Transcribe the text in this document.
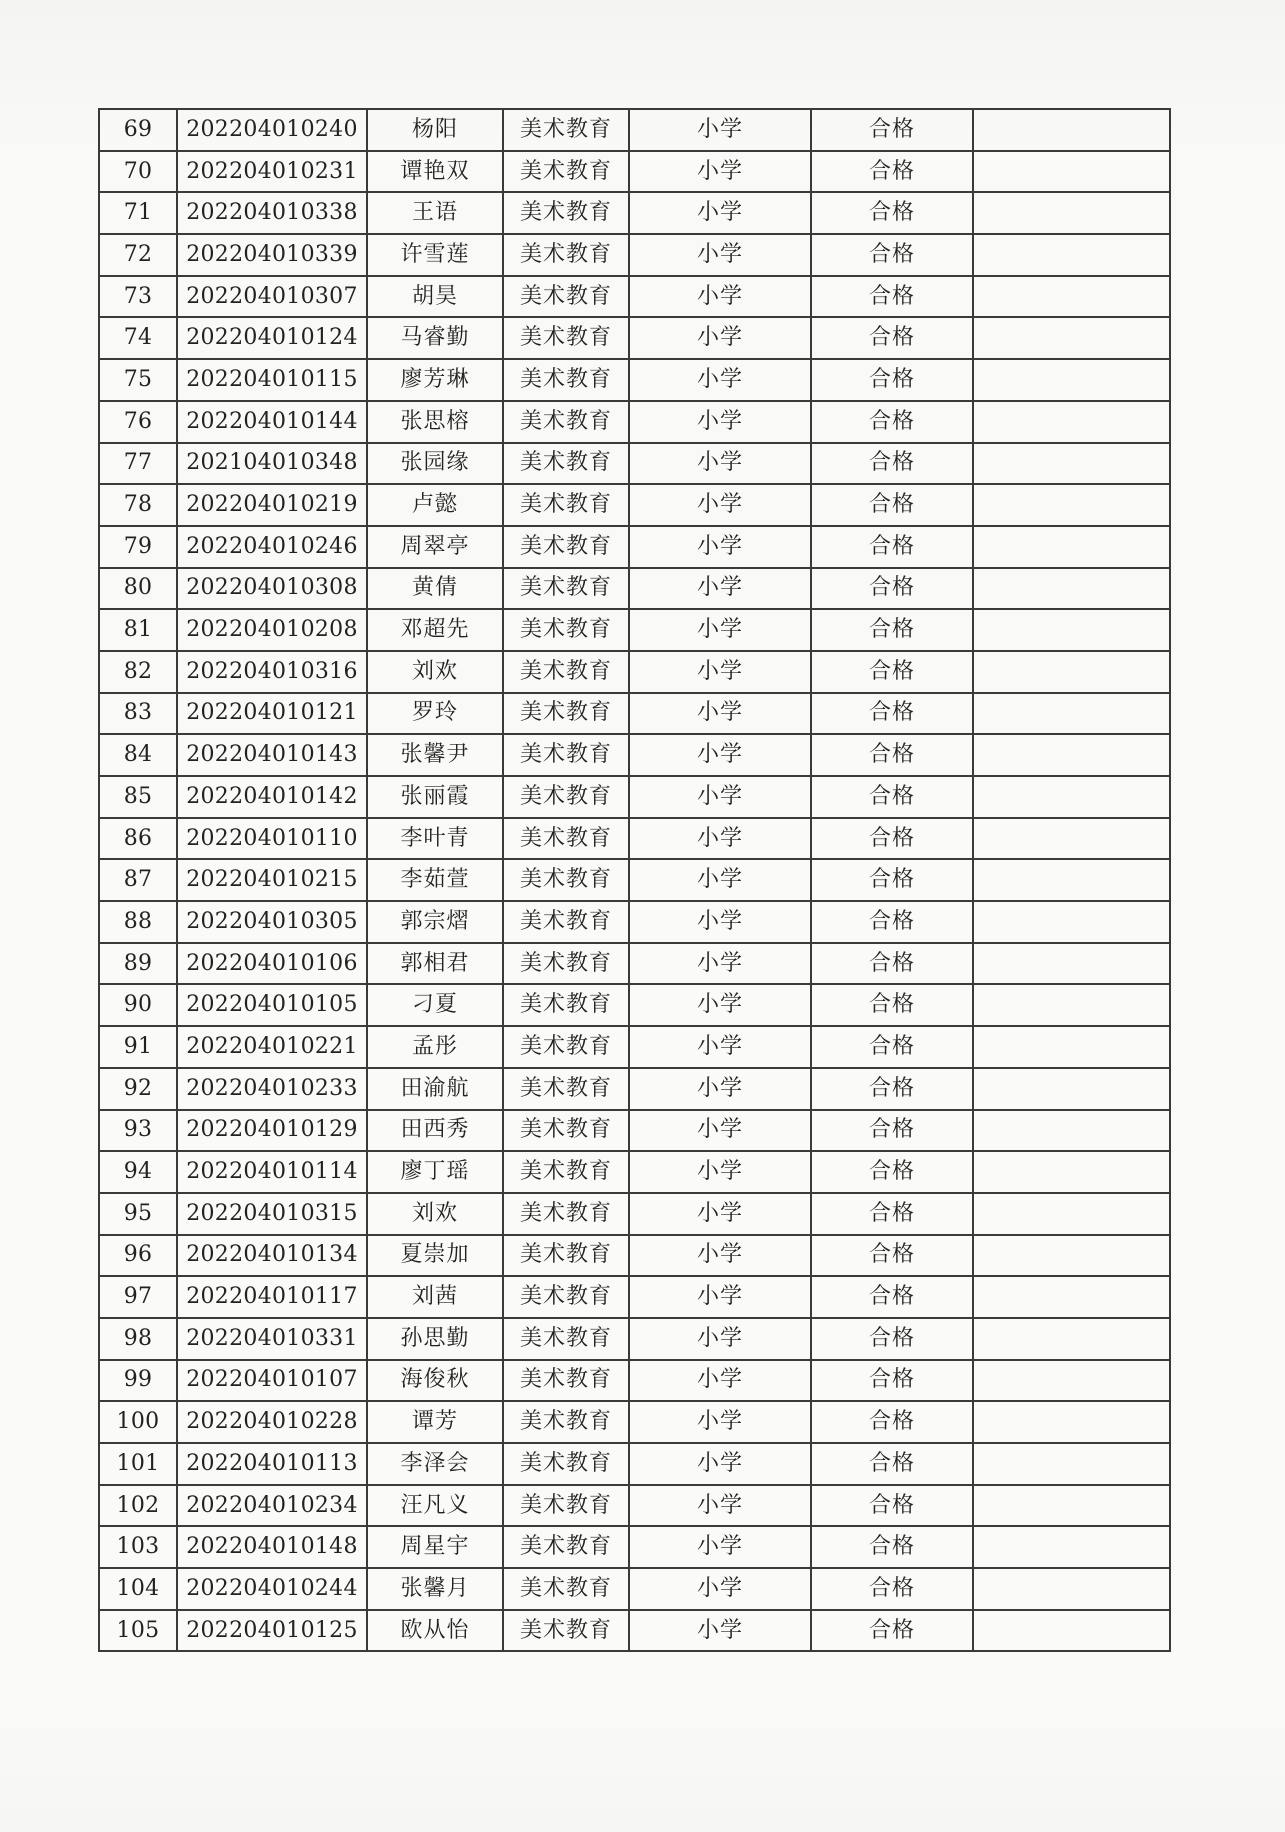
69	202204010240	杨阳	美术教育	小学	合格	
70	202204010231	谭艳双	美术教育	小学	合格	
71	202204010338	王语	美术教育	小学	合格	
72	202204010339	许雪莲	美术教育	小学	合格	
73	202204010307	胡昊	美术教育	小学	合格	
74	202204010124	马睿勤	美术教育	小学	合格	
75	202204010115	廖芳琳	美术教育	小学	合格	
76	202204010144	张思榕	美术教育	小学	合格	
77	202104010348	张园缘	美术教育	小学	合格	
78	202204010219	卢懿	美术教育	小学	合格	
79	202204010246	周翠亭	美术教育	小学	合格	
80	202204010308	黄倩	美术教育	小学	合格	
81	202204010208	邓超先	美术教育	小学	合格	
82	202204010316	刘欢	美术教育	小学	合格	
83	202204010121	罗玲	美术教育	小学	合格	
84	202204010143	张馨尹	美术教育	小学	合格	
85	202204010142	张丽霞	美术教育	小学	合格	
86	202204010110	李叶青	美术教育	小学	合格	
87	202204010215	李茹萱	美术教育	小学	合格	
88	202204010305	郭宗熠	美术教育	小学	合格	
89	202204010106	郭相君	美术教育	小学	合格	
90	202204010105	刁夏	美术教育	小学	合格	
91	202204010221	孟彤	美术教育	小学	合格	
92	202204010233	田渝航	美术教育	小学	合格	
93	202204010129	田西秀	美术教育	小学	合格	
94	202204010114	廖丁瑶	美术教育	小学	合格	
95	202204010315	刘欢	美术教育	小学	合格	
96	202204010134	夏崇加	美术教育	小学	合格	
97	202204010117	刘茜	美术教育	小学	合格	
98	202204010331	孙思勤	美术教育	小学	合格	
99	202204010107	海俊秋	美术教育	小学	合格	
100	202204010228	谭芳	美术教育	小学	合格	
101	202204010113	李泽会	美术教育	小学	合格	
102	202204010234	汪凡义	美术教育	小学	合格	
103	202204010148	周星宇	美术教育	小学	合格	
104	202204010244	张馨月	美术教育	小学	合格	
105	202204010125	欧从怡	美术教育	小学	合格	
